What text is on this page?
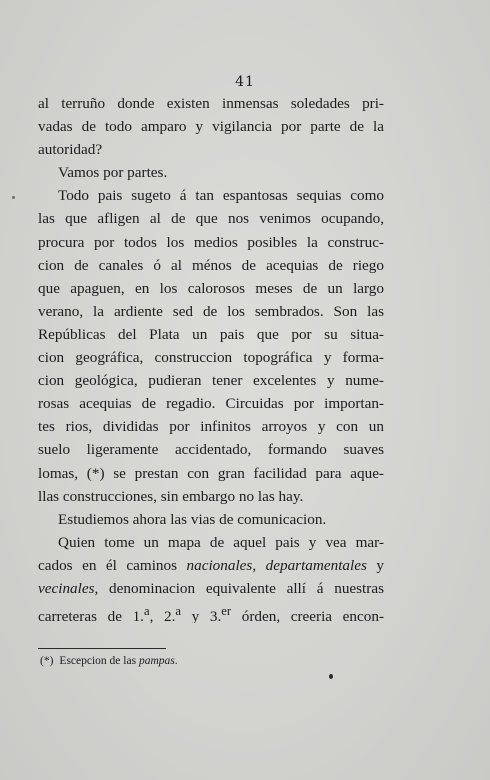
41
al terruño donde existen inmensas soledades pri-
vadas de todo amparo y vigilancia por parte de la
autoridad?
Vamos por partes.
Todo pais sugeto á tan espantosas sequias como
las que afligen al de que nos venimos ocupando,
procura por todos los medios posibles la construc-
cion de canales ó al ménos de acequias de riego
que apaguen, en los calorosos meses de un largo
verano, la ardiente sed de los sembrados. Son las
Repúblicas del Plata un pais que por su situa-
cion geográfica, construccion topográfica y forma-
cion geológica, pudieran tener excelentes y nume-
rosas acequias de regadio. Circuidas por importan-
tes rios, divididas por infinitos arroyos y con un
suelo ligeramente accidentado, formando suaves
lomas, (*) se prestan con gran facilidad para aque-
llas construcciones, sin embargo no las hay.
Estudiemos ahora las vias de comunicacion.
Quien tome un mapa de aquel pais y vea mar-
cados en él caminos nacionales, departamentales y
vecinales, denominacion equivalente allí á nuestras
carreteras de 1.$^a$, 2.$^a$ y 3.$^{er}$ órden, creeria encon-
(*) Escepcion de las pampas.
